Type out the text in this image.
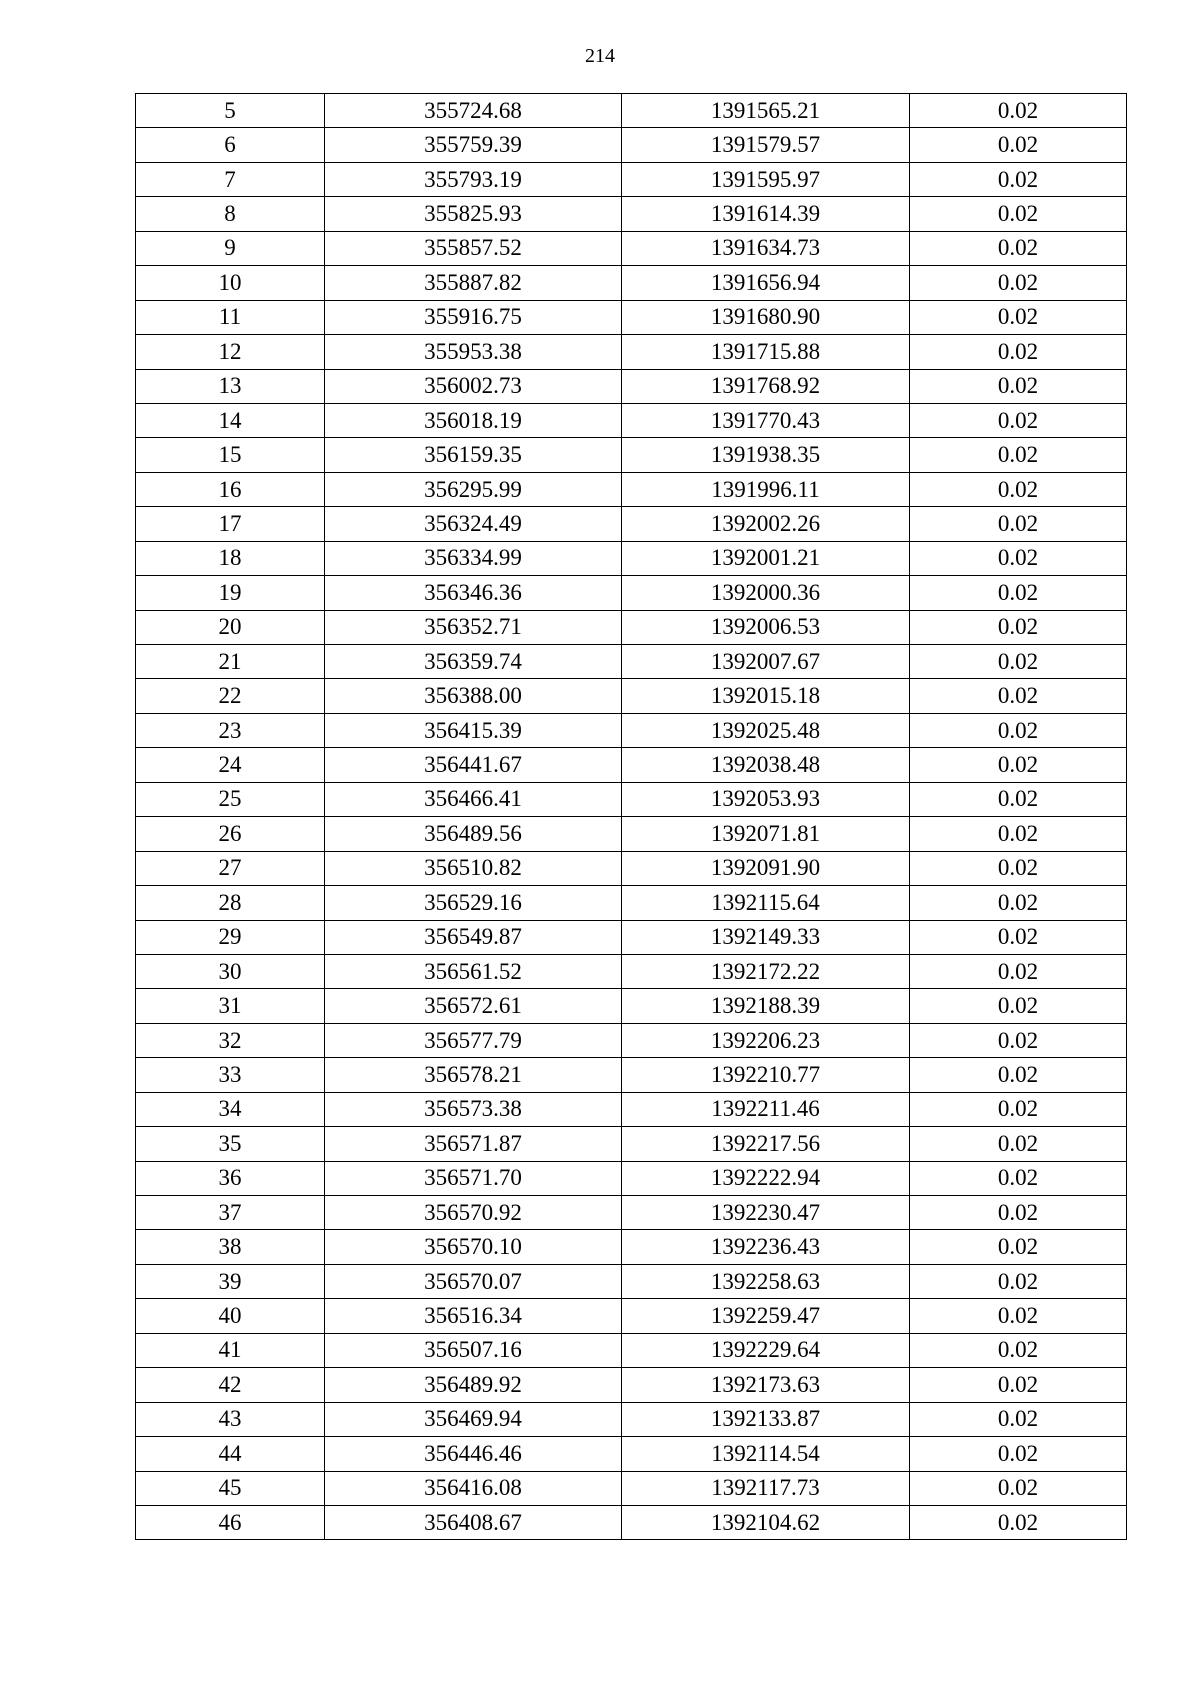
214
5	355724.68	1391565.21	0.02
6	355759.39	1391579.57	0.02
7	355793.19	1391595.97	0.02
8	355825.93	1391614.39	0.02
9	355857.52	1391634.73	0.02
10	355887.82	1391656.94	0.02
11	355916.75	1391680.90	0.02
12	355953.38	1391715.88	0.02
13	356002.73	1391768.92	0.02
14	356018.19	1391770.43	0.02
15	356159.35	1391938.35	0.02
16	356295.99	1391996.11	0.02
17	356324.49	1392002.26	0.02
18	356334.99	1392001.21	0.02
19	356346.36	1392000.36	0.02
20	356352.71	1392006.53	0.02
21	356359.74	1392007.67	0.02
22	356388.00	1392015.18	0.02
23	356415.39	1392025.48	0.02
24	356441.67	1392038.48	0.02
25	356466.41	1392053.93	0.02
26	356489.56	1392071.81	0.02
27	356510.82	1392091.90	0.02
28	356529.16	1392115.64	0.02
29	356549.87	1392149.33	0.02
30	356561.52	1392172.22	0.02
31	356572.61	1392188.39	0.02
32	356577.79	1392206.23	0.02
33	356578.21	1392210.77	0.02
34	356573.38	1392211.46	0.02
35	356571.87	1392217.56	0.02
36	356571.70	1392222.94	0.02
37	356570.92	1392230.47	0.02
38	356570.10	1392236.43	0.02
39	356570.07	1392258.63	0.02
40	356516.34	1392259.47	0.02
41	356507.16	1392229.64	0.02
42	356489.92	1392173.63	0.02
43	356469.94	1392133.87	0.02
44	356446.46	1392114.54	0.02
45	356416.08	1392117.73	0.02
46	356408.67	1392104.62	0.02
